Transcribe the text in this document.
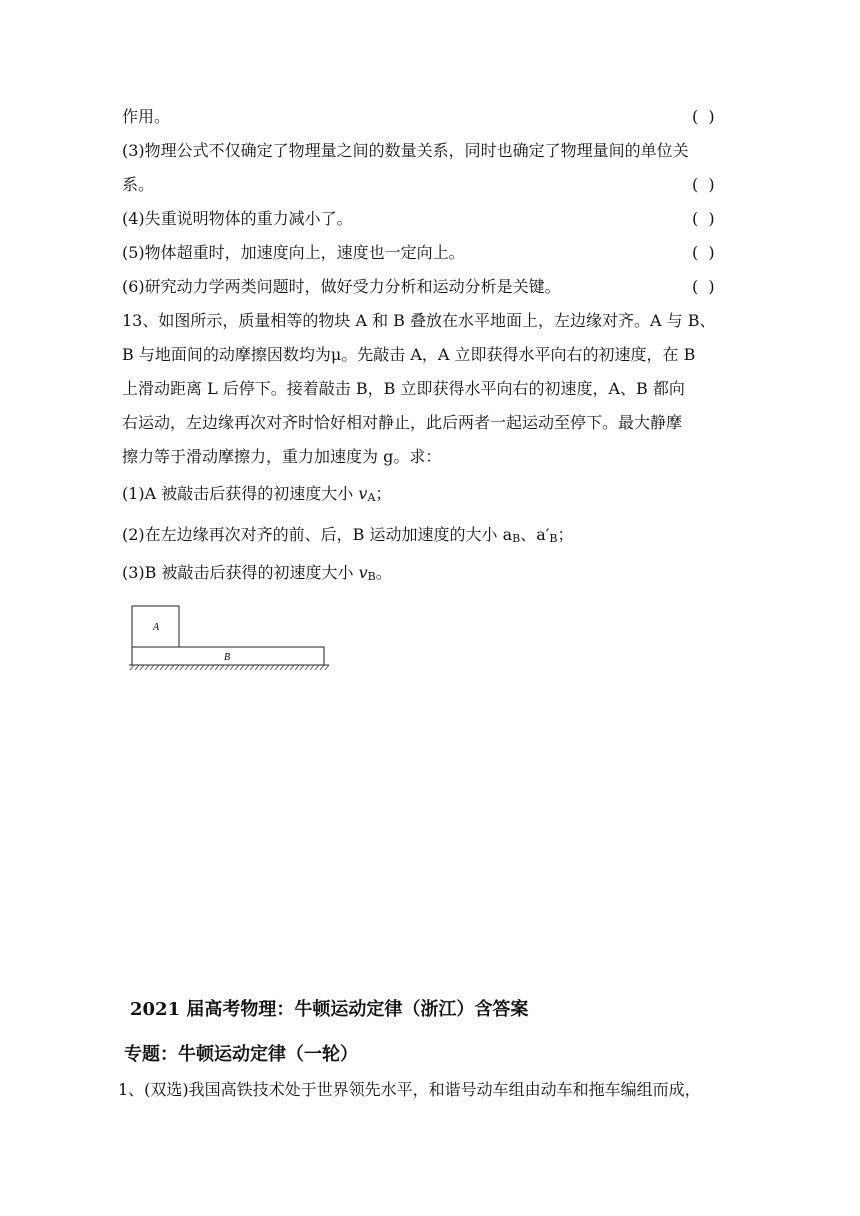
作用。	(  )
(3)物理公式不仅确定了物理量之间的数量关系，同时也确定了物理量间的单位关
系。	(  )
(4)失重说明物体的重力减小了。	(  )
(5)物体超重时，加速度向上，速度也一定向上。	(  )
(6)研究动力学两类问题时，做好受力分析和运动分析是关键。	(  )
13、如图所示，质量相等的物块 A 和 B 叠放在水平地面上，左边缘对齐。A 与 B、
B 与地面间的动摩擦因数均为μ。先敲击 A，A 立即获得水平向右的初速度，在 B
上滑动距离 L 后停下。接着敲击 B，B 立即获得水平向右的初速度，A、B 都向
右运动，左边缘再次对齐时恰好相对静止，此后两者一起运动至停下。最大静摩
擦力等于滑动摩擦力，重力加速度为 g。求：
(1)A 被敲击后获得的初速度大小 $v_A$；
(2)在左边缘再次对齐的前、后，B 运动加速度的大小 $a_B$、$a'_B$；
(3)B 被敲击后获得的初速度大小 $v_B$。
A
B
2021 届高考物理：牛顿运动定律（浙江）含答案
专题：牛顿运动定律（一轮）
1、(双选)我国高铁技术处于世界领先水平，和谐号动车组由动车和拖车编组而成，
